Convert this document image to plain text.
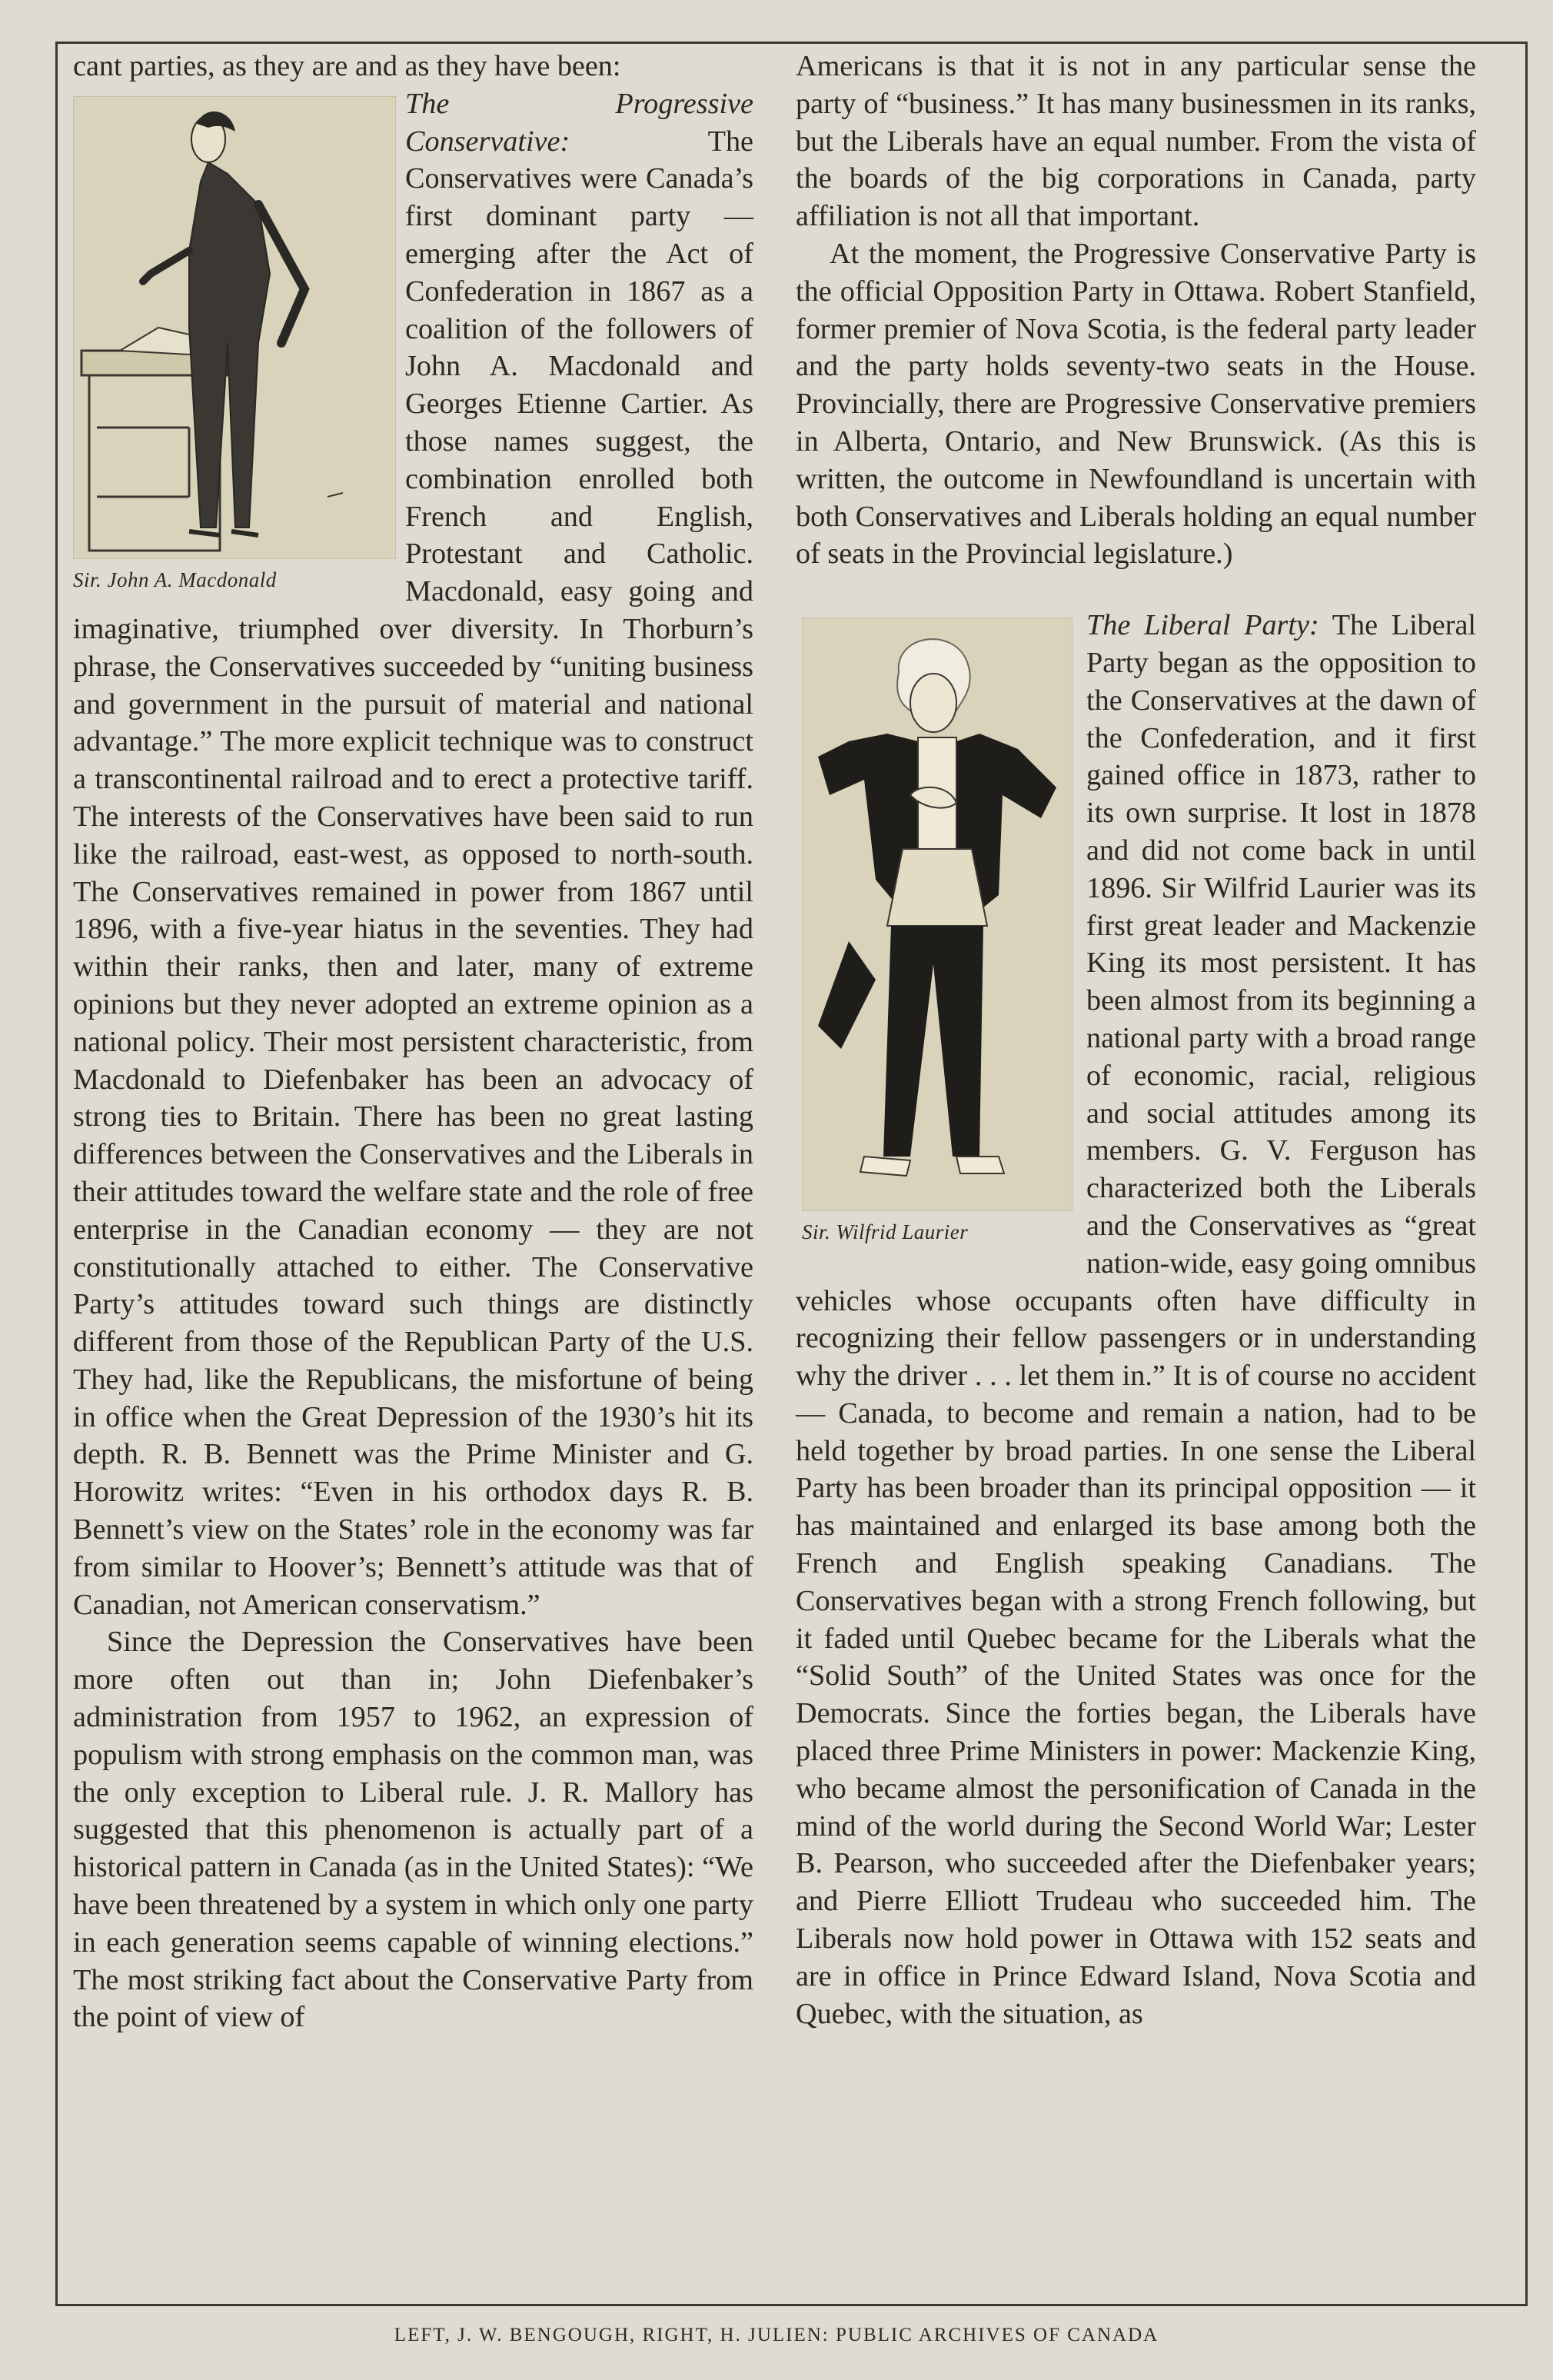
cant parties, as they are and as they have been:

Sir. John A. Macdonald

The Progressive Conservative: The Conservatives were Canada’s first dominant party — emerging after the Act of Confederation in 1867 as a coalition of the followers of John A. Macdonald and Georges Etienne Cartier. As those names suggest, the combination enrolled both French and English, Protestant and Catholic. Macdonald, easy going and imaginative, triumphed over diversity. In Thorburn’s phrase, the Conservatives succeeded by “uniting business and government in the pursuit of material and national advantage.” The more explicit technique was to construct a transcontinental railroad and to erect a protective tariff. The interests of the Conservatives have been said to run like the railroad, east-west, as opposed to north-south. The Conservatives remained in power from 1867 until 1896, with a five-year hiatus in the seventies. They had within their ranks, then and later, many of extreme opinions but they never adopted an extreme opinion as a national policy. Their most persistent characteristic, from Macdonald to Diefenbaker has been an advocacy of strong ties to Britain. There has been no great lasting differences between the Conservatives and the Liberals in their attitudes toward the welfare state and the role of free enterprise in the Canadian economy — they are not constitutionally attached to either. The Conservative Party’s attitudes toward such things are distinctly different from those of the Republican Party of the U.S. They had, like the Republicans, the misfortune of being in office when the Great Depression of the 1930’s hit its depth. R. B. Bennett was the Prime Minister and G. Horowitz writes: “Even in his orthodox days R. B. Bennett’s view on the States’ role in the economy was far from similar to Hoover’s; Bennett’s attitude was that of Canadian, not American conservatism.”

Since the Depression the Conservatives have been more often out than in; John Diefenbaker’s administration from 1957 to 1962, an expression of populism with strong emphasis on the common man, was the only exception to Liberal rule. J. R. Mallory has suggested that this phenomenon is actually part of a historical pattern in Canada (as in the United States): “We have been threatened by a system in which only one party in each generation seems capable of winning elections.” The most striking fact about the Conservative Party from the point of view of

Americans is that it is not in any particular sense the party of “business.” It has many businessmen in its ranks, but the Liberals have an equal number. From the vista of the boards of the big corporations in Canada, party affiliation is not all that important.

At the moment, the Progressive Conservative Party is the official Opposition Party in Ottawa. Robert Stanfield, former premier of Nova Scotia, is the federal party leader and the party holds seventy-two seats in the House. Provincially, there are Progressive Conservative premiers in Alberta, Ontario, and New Brunswick. (As this is written, the outcome in Newfoundland is uncertain with both Conservatives and Liberals holding an equal number of seats in the Provincial legislature.)

Sir. Wilfrid Laurier

The Liberal Party: The Liberal Party began as the opposition to the Conservatives at the dawn of the Confederation, and it first gained office in 1873, rather to its own surprise. It lost in 1878 and did not come back in until 1896. Sir Wilfrid Laurier was its first great leader and Mackenzie King its most persistent. It has been almost from its beginning a national party with a broad range of economic, racial, religious and social attitudes among its members. G. V. Ferguson has characterized both the Liberals and the Conservatives as “great nation-wide, easy going omnibus vehicles whose occupants often have difficulty in recognizing their fellow passengers or in understanding why the driver . . . let them in.” It is of course no accident — Canada, to become and remain a nation, had to be held together by broad parties. In one sense the Liberal Party has been broader than its principal opposition — it has maintained and enlarged its base among both the French and English speaking Canadians. The Conservatives began with a strong French following, but it faded until Quebec became for the Liberals what the “Solid South” of the United States was once for the Democrats. Since the forties began, the Liberals have placed three Prime Ministers in power: Mackenzie King, who became almost the personification of Canada in the mind of the world during the Second World War; Lester B. Pearson, who succeeded after the Diefenbaker years; and Pierre Elliott Trudeau who succeeded him. The Liberals now hold power in Ottawa with 152 seats and are in office in Prince Edward Island, Nova Scotia and Quebec, with the situation, as

LEFT, J. W. BENGOUGH, RIGHT, H. JULIEN: PUBLIC ARCHIVES OF CANADA
